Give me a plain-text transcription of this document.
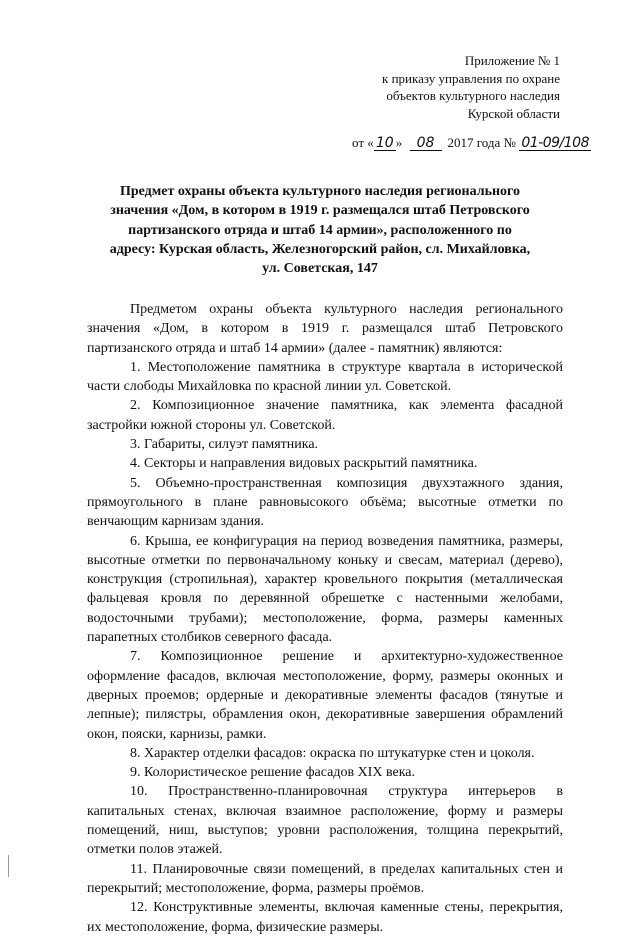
Приложение № 1
к приказу управления по охране
объектов культурного наследия
Курской области
от « 10 » 08 2017 года № 01-09/108
Предмет охраны объекта культурного наследия регионального значения «Дом, в котором в 1919 г. размещался штаб Петровского партизанского отряда и штаб 14 армии», расположенного по адресу: Курская область, Железногорский район, сл. Михайловка, ул. Советская, 147

Предметом охраны объекта культурного наследия регионального значения «Дом, в котором в 1919 г. размещался штаб Петровского партизанского отряда и штаб 14 армии» (далее - памятник) являются:

1. Местоположение памятника в структуре квартала в исторической части слободы Михайловка по красной линии ул. Советской.

2. Композиционное значение памятника, как элемента фасадной застройки южной стороны ул. Советской.

3. Габариты, силуэт памятника.

4. Секторы и направления видовых раскрытий памятника.

5. Объемно-пространственная композиция двухэтажного здания, прямоугольного в плане равновысокого объёма; высотные отметки по венчающим карнизам здания.

6. Крыша, ее конфигурация на период возведения памятника, размеры, высотные отметки по первоначальному коньку и свесам, материал (дерево), конструкция (стропильная), характер кровельного покрытия (металлическая фальцевая кровля по деревянной обрешетке с настенными желобами, водосточными трубами); местоположение, форма, размеры каменных парапетных столбиков северного фасада.

7. Композиционное решение и архитектурно-художественное оформление фасадов, включая местоположение, форму, размеры оконных и дверных проемов; ордерные и декоративные элементы фасадов (тянутые и лепные); пилястры, обрамления окон, декоративные завершения обрамлений окон, пояски, карнизы, рамки.

8. Характер отделки фасадов: окраска по штукатурке стен и цоколя.

9. Колористическое решение фасадов XIX века.

10. Пространственно-планировочная структура интерьеров в капитальных стенах, включая взаимное расположение, форму и размеры помещений, ниш, выступов; уровни расположения, толщина перекрытий, отметки полов этажей.

11. Планировочные связи помещений, в пределах капитальных стен и перекрытий; местоположение, форма, размеры проёмов.

12. Конструктивные элементы, включая каменные стены, перекрытия, их местоположение, форма, физические размеры.
